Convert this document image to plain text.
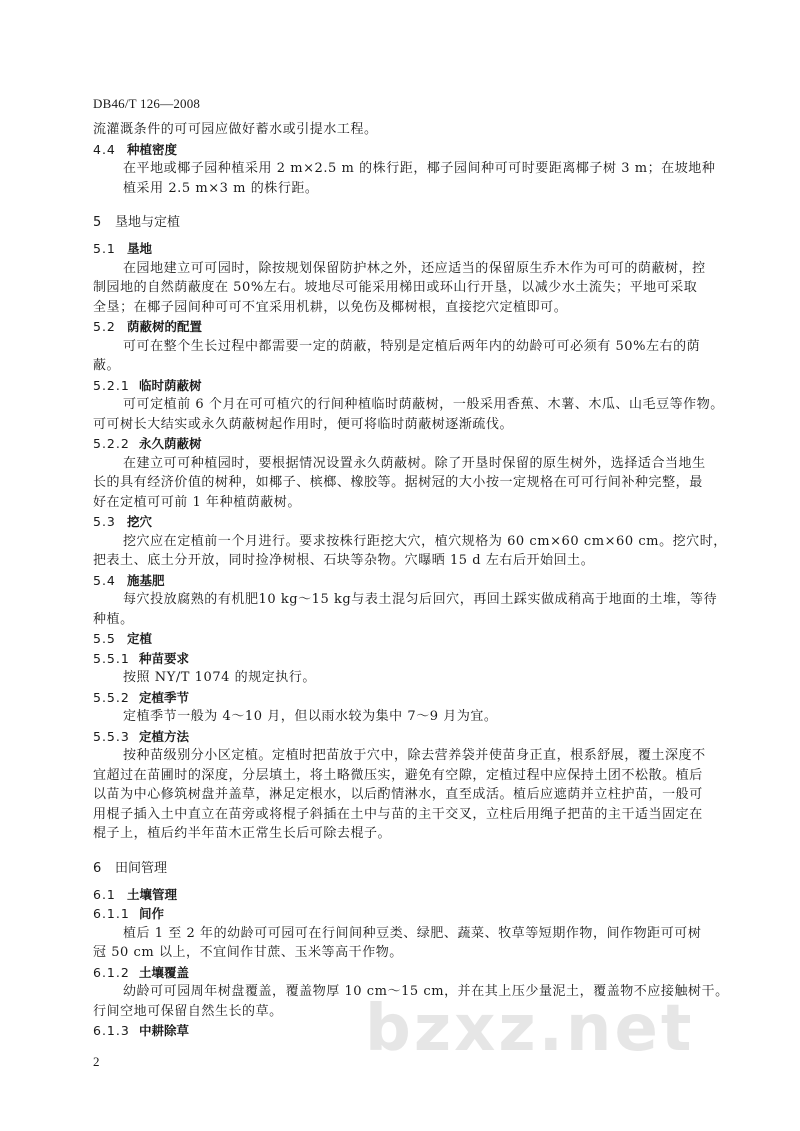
DB46/T 126—2008
流灌溉条件的可可园应做好蓄水或引提水工程。
4.4 种植密度
在平地或椰子园种植采用 2 m×2.5 m 的株行距，椰子园间种可可时要距离椰子树 3 m；在坡地种
植采用 2.5 m×3 m 的株行距。
5 垦地与定植
5.1 垦地
在园地建立可可园时，除按规划保留防护林之外，还应适当的保留原生乔木作为可可的荫蔽树，控
制园地的自然荫蔽度在 50%左右。坡地尽可能采用梯田或环山行开垦，以减少水土流失；平地可采取
全垦；在椰子园间种可可不宜采用机耕，以免伤及椰树根，直接挖穴定植即可。
5.2 荫蔽树的配置
可可在整个生长过程中都需要一定的荫蔽，特别是定植后两年内的幼龄可可必须有 50%左右的荫
蔽。
5.2.1 临时荫蔽树
可可定植前 6 个月在可可植穴的行间种植临时荫蔽树，一般采用香蕉、木薯、木瓜、山毛豆等作物。
可可树长大结实或永久荫蔽树起作用时，便可将临时荫蔽树逐渐疏伐。
5.2.2 永久荫蔽树
在建立可可种植园时，要根据情况设置永久荫蔽树。除了开垦时保留的原生树外，选择适合当地生
长的具有经济价值的树种，如椰子、槟榔、橡胶等。据树冠的大小按一定规格在可可行间补种完整，最
好在定植可可前 1 年种植荫蔽树。
5.3 挖穴
挖穴应在定植前一个月进行。要求按株行距挖大穴，植穴规格为 60 cm×60 cm×60 cm。挖穴时，
把表土、底土分开放，同时捡净树根、石块等杂物。穴曝晒 15 d 左右后开始回土。
5.4 施基肥
每穴投放腐熟的有机肥10 kg～15 kg与表土混匀后回穴，再回土踩实做成稍高于地面的土堆，等待
种植。
5.5 定植
5.5.1 种苗要求
按照 NY/T 1074 的规定执行。
5.5.2 定植季节
定植季节一般为 4～10 月，但以雨水较为集中 7～9 月为宜。
5.5.3 定植方法
按种苗级别分小区定植。定植时把苗放于穴中，除去营养袋并使苗身正直，根系舒展，覆土深度不
宜超过在苗圃时的深度，分层填土，将土略微压实，避免有空隙，定植过程中应保持土团不松散。植后
以苗为中心修筑树盘并盖草，淋足定根水，以后酌情淋水，直至成活。植后应遮荫并立柱护苗，一般可
用棍子插入土中直立在苗旁或将棍子斜插在土中与苗的主干交叉，立柱后用绳子把苗的主干适当固定在
棍子上，植后约半年苗木正常生长后可除去棍子。
6 田间管理
6.1 土壤管理
6.1.1 间作
植后 1 至 2 年的幼龄可可园可在行间间种豆类、绿肥、蔬菜、牧草等短期作物，间作物距可可树
冠 50 cm 以上，不宜间作甘蔗、玉米等高干作物。
6.1.2 土壤覆盖
幼龄可可园周年树盘覆盖，覆盖物厚 10 cm～15 cm，并在其上压少量泥土，覆盖物不应接触树干。
行间空地可保留自然生长的草。
6.1.3 中耕除草	bzxz.net
2
